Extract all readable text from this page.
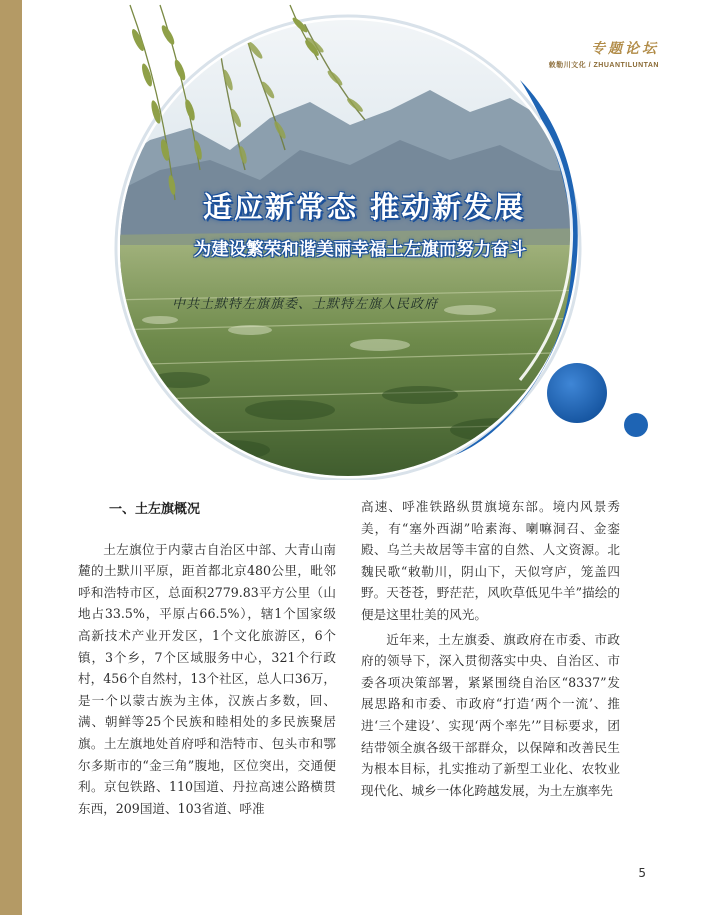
专题论坛
敕勒川文化 / ZHUANTILUNTAN
适应新常态 推动新发展
为建设繁荣和谐美丽幸福土左旗而努力奋斗
中共土默特左旗旗委、土默特左旗人民政府
一、土左旗概况

土左旗位于内蒙古自治区中部、大青山南麓的土默川平原，距首都北京480公里，毗邻呼和浩特市区，总面积2779.83平方公里（山地占33.5%，平原占66.5%），辖1个国家级高新技术产业开发区，1个文化旅游区，6个镇，3个乡，7个区域服务中心，321个行政村，456个自然村，13个社区，总人口36万，是一个以蒙古族为主体，汉族占多数，回、满、朝鲜等25个民族和睦相处的多民族聚居旗。土左旗地处首府呼和浩特市、包头市和鄂尔多斯市的“金三角”腹地，区位突出，交通便利。京包铁路、110国道、丹拉高速公路横贯东西，209国道、103省道、呼准

高速、呼准铁路纵贯旗境东部。境内风景秀美，有“塞外西湖”哈素海、喇嘛洞召、金銮殿、乌兰夫故居等丰富的自然、人文资源。北魏民歌“敕勒川，阴山下，天似穹庐，笼盖四野。天苍苍，野茫茫，风吹草低见牛羊”描绘的便是这里壮美的风光。

近年来，土左旗委、旗政府在市委、市政府的领导下，深入贯彻落实中央、自治区、市委各项决策部署，紧紧围绕自治区“8337”发展思路和市委、市政府“打造‘两个一流’、推进‘三个建设’、实现‘两个率先’”目标要求，团结带领全旗各级干部群众，以保障和改善民生为根本目标，扎实推动了新型工业化、农牧业现代化、城乡一体化跨越发展，为土左旗率先

5
